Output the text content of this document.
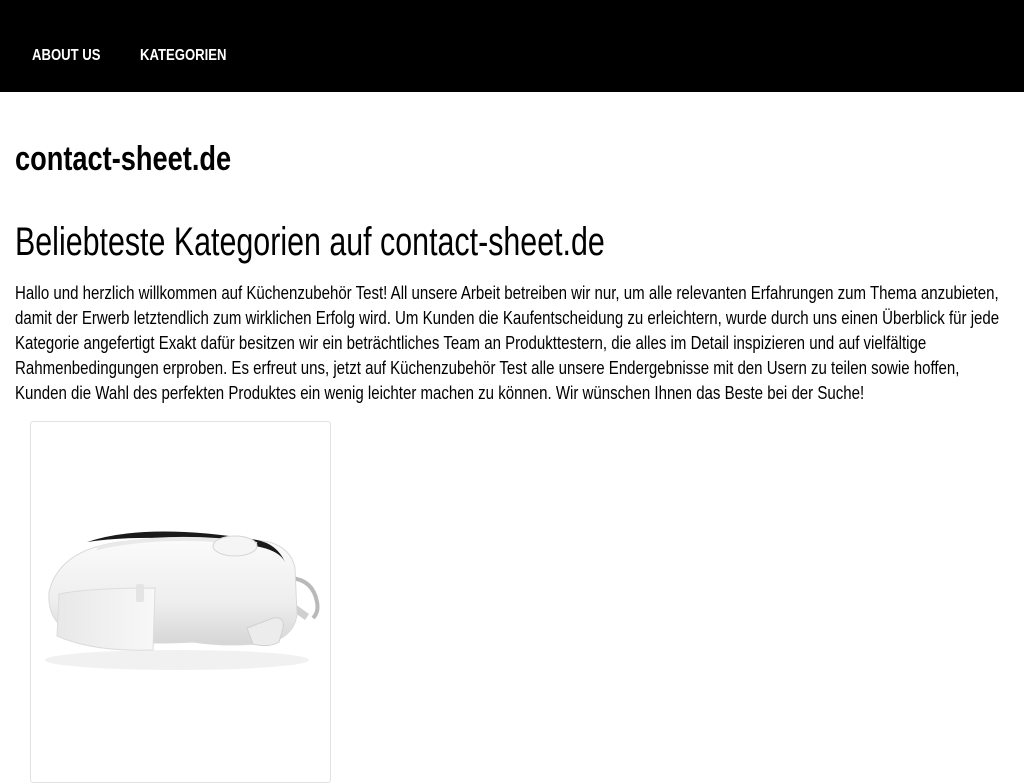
ABOUT US KATEGORIEN
contact-sheet.de
Beliebteste Kategorien auf contact-sheet.de

Hallo und herzlich willkommen auf Küchenzubehör Test! All unsere Arbeit betreiben wir nur, um alle relevanten Erfahrungen zum Thema anzubieten, damit der Erwerb letztendlich zum wirklichen Erfolg wird. Um Kunden die Kaufentscheidung zu erleichtern, wurde durch uns einen Überblick für jede Kategorie angefertigt Exakt dafür besitzen wir ein beträchtliches Team an Produkttestern, die alles im Detail inspizieren und auf vielfältige Rahmenbedingungen erproben. Es erfreut uns, jetzt auf Küchenzubehör Test alle unsere Endergebnisse mit den Usern zu teilen sowie hoffen, Kunden die Wahl des perfekten Produktes ein wenig leichter machen zu können. Wir wünschen Ihnen das Beste bei der Suche!
